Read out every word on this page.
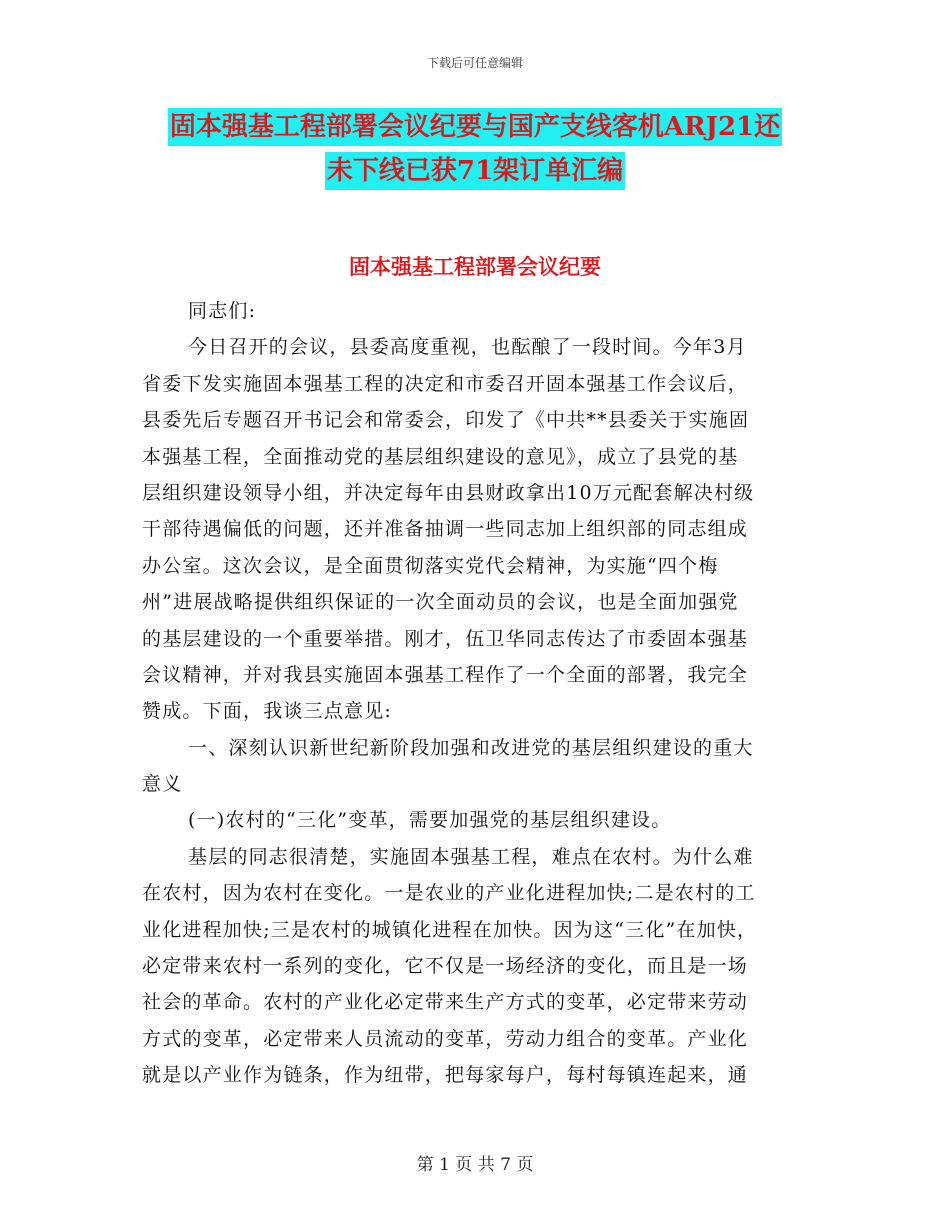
下载后可任意编辑
固本强基工程部署会议纪要与国产支线客机ARJ21还
未下线已获71架订单汇编
固本强基工程部署会议纪要
同志们:
今日召开的会议，县委高度重视，也酝酿了一段时间。今年3月
省委下发实施固本强基工程的决定和市委召开固本强基工作会议后，
县委先后专题召开书记会和常委会，印发了《中共**县委关于实施固
本强基工程，全面推动党的基层组织建设的意见》，成立了县党的基
层组织建设领导小组，并决定每年由县财政拿出10万元配套解决村级
干部待遇偏低的问题，还并准备抽调一些同志加上组织部的同志组成
办公室。这次会议，是全面贯彻落实党代会精神，为实施“四个梅
州”进展战略提供组织保证的一次全面动员的会议，也是全面加强党
的基层建设的一个重要举措。刚才，伍卫华同志传达了市委固本强基
会议精神，并对我县实施固本强基工程作了一个全面的部署，我完全
赞成。下面，我谈三点意见:
一、深刻认识新世纪新阶段加强和改进党的基层组织建设的重大
意义
(一)农村的“三化”变革，需要加强党的基层组织建设。
基层的同志很清楚，实施固本强基工程，难点在农村。为什么难
在农村，因为农村在变化。一是农业的产业化进程加快;二是农村的工
业化进程加快;三是农村的城镇化进程在加快。因为这“三化”在加快，
必定带来农村一系列的变化，它不仅是一场经济的变化，而且是一场
社会的革命。农村的产业化必定带来生产方式的变革，必定带来劳动
方式的变革，必定带来人员流动的变革，劳动力组合的变革。产业化
就是以产业作为链条，作为纽带，把每家每户，每村每镇连起来，通
第 1 页 共 7 页
